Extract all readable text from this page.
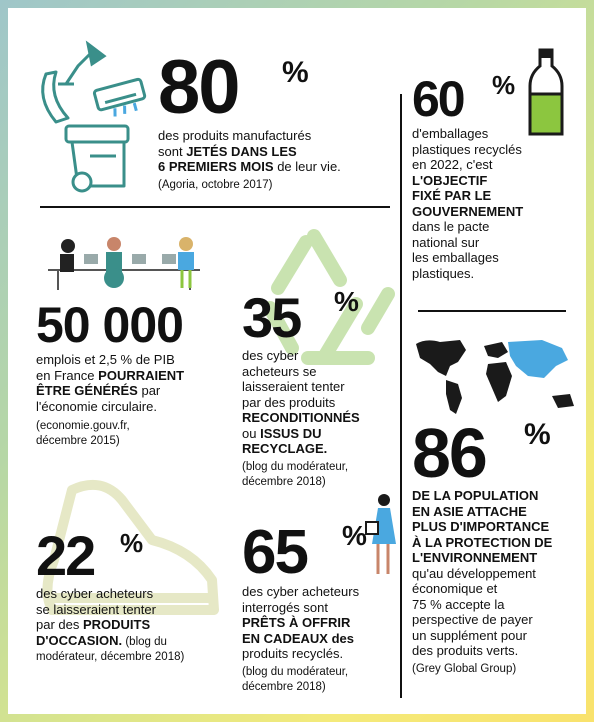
80	%
des produits manufacturés
sont JETÉS DANS LES
6 PREMIERS MOIS de leur vie.
(Agoria, octobre 2017)
60	%
d'emballages
plastiques recyclés
en 2022, c'est
L'OBJECTIF
FIXÉ PAR LE
GOUVERNEMENT
dans le pacte
national sur
les emballages
plastiques.
50 000
emplois et 2,5 % de PIB
en France POURRAIENT
ÊTRE GÉNÉRÉS par
l'économie circulaire.
(economie.gouv.fr,
décembre 2015)
35	%
des cyber
acheteurs se
laisseraient tenter
par des produits
RECONDITIONNÉS
ou ISSUS DU
RECYCLAGE.
(blog du modérateur,
décembre 2018)	86	%
DE LA POPULATION
EN ASIE ATTACHE
PLUS D'IMPORTANCE
À LA PROTECTION DE
L'ENVIRONNEMENT
qu'au développement
économique et
75 % accepte la
perspective de payer
un supplément pour
des produits verts.
(Grey Global Group)
22 %
des cyber acheteurs
se laisseraient tenter
par des PRODUITS
D'OCCASION. (blog du
modérateur, décembre 2018)
65	%
des cyber acheteurs
interrogés sont
PRÊTS À OFFRIR
EN CADEAUX des
produits recyclés.
(blog du modérateur,
décembre 2018)
